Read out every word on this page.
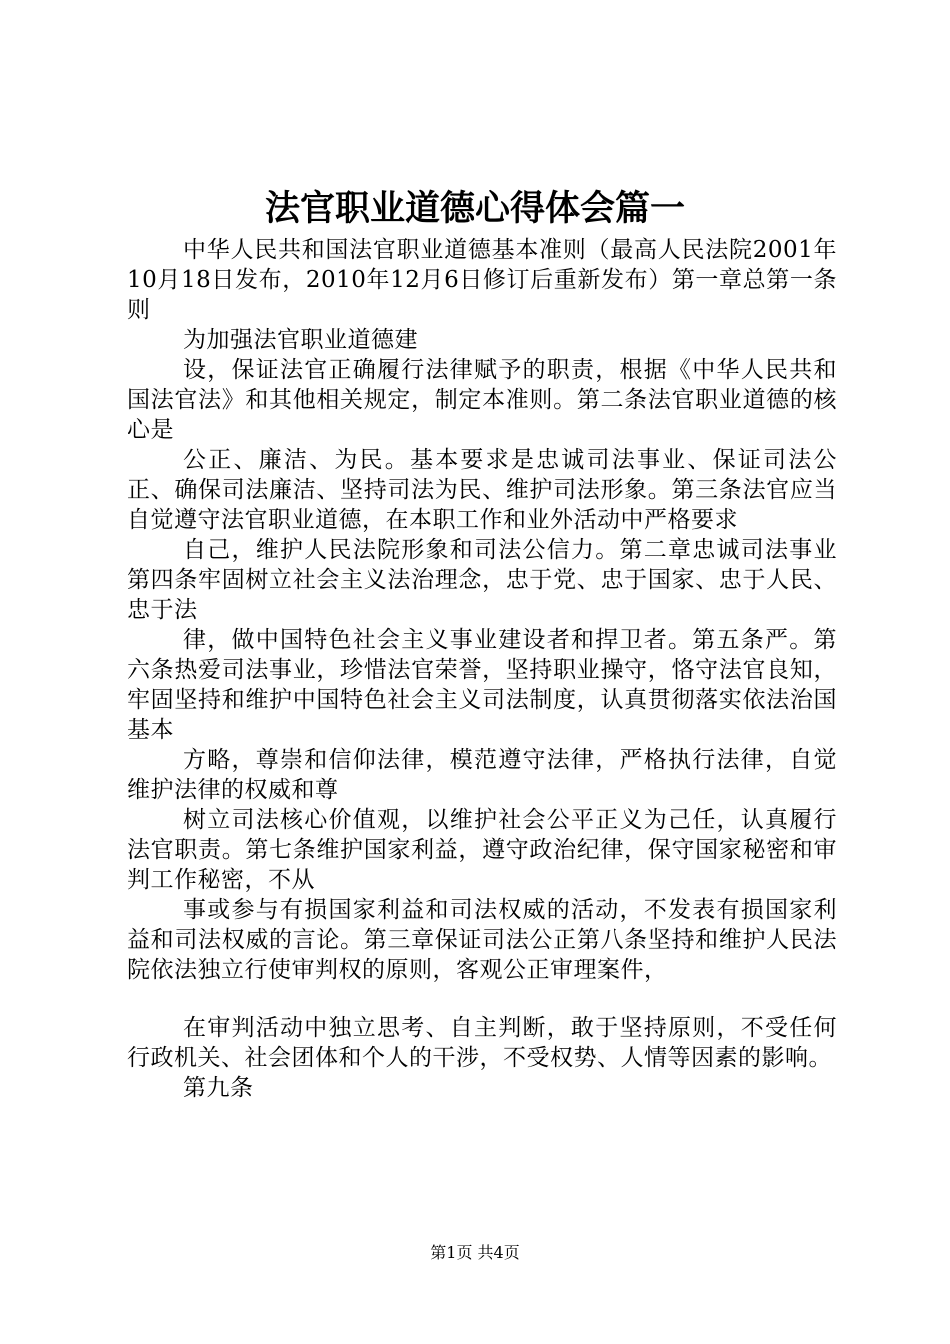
法官职业道德心得体会篇一

中华人民共和国法官职业道德基本准则（最高人民法院2001年10月18日发布，2010年12月6日修订后重新发布）第一章总第一条则

为加强法官职业道德建

设，保证法官正确履行法律赋予的职责，根据《中华人民共和国法官法》和其他相关规定，制定本准则。第二条法官职业道德的核心是

公正、廉洁、为民。基本要求是忠诚司法事业、保证司法公正、确保司法廉洁、坚持司法为民、维护司法形象。第三条法官应当自觉遵守法官职业道德，在本职工作和业外活动中严格要求

自己，维护人民法院形象和司法公信力。第二章忠诚司法事业第四条牢固树立社会主义法治理念，忠于党、忠于国家、忠于人民、忠于法

律，做中国特色社会主义事业建设者和捍卫者。第五条严。第六条热爱司法事业，珍惜法官荣誉，坚持职业操守，恪守法官良知，牢固坚持和维护中国特色社会主义司法制度，认真贯彻落实依法治国基本

方略，尊崇和信仰法律，模范遵守法律，严格执行法律，自觉维护法律的权威和尊

树立司法核心价值观，以维护社会公平正义为己任，认真履行法官职责。第七条维护国家利益，遵守政治纪律，保守国家秘密和审判工作秘密，不从

事或参与有损国家利益和司法权威的活动，不发表有损国家利益和司法权威的言论。第三章保证司法公正第八条坚持和维护人民法院依法独立行使审判权的原则，客观公正审理案件，

在审判活动中独立思考、自主判断，敢于坚持原则，不受任何行政机关、社会团体和个人的干涉，不受权势、人情等因素的影响。

第九条

第1页 共4页
